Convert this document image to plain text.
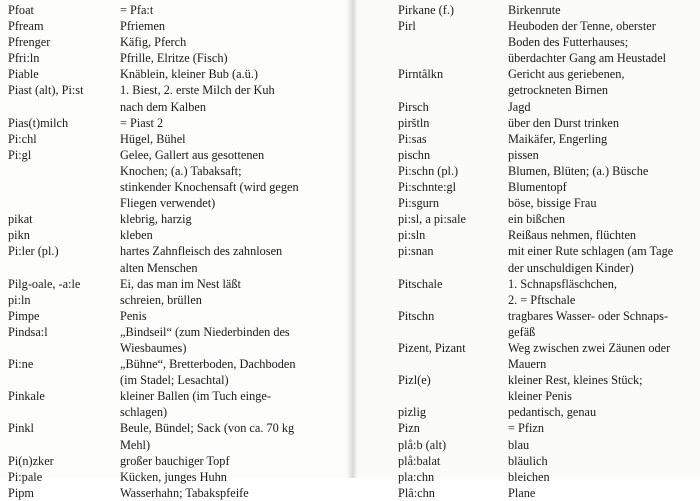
Pfoat	= Pfa:t
Pfream	Pfriemen
Pfrenger	Käfig, Pferch
Pfri:ln	Pfrille, Elritze (Fisch)
Piable	Knäblein, kleiner Bub (a.ü.)
Piast (alt), Pi:st	1. Biest, 2. erste Milch der Kuh
nach dem Kalben
Pias(t)milch	= Piast 2
Pi:chl	Hügel, Bühel
Pi:gl	Gelee, Gallert aus gesottenen
Knochen; (a.) Tabaksaft;
stinkender Knochensaft (wird gegen
Fliegen verwendet)
pikat	klebrig, harzig
pikn	kleben
Pi:ler (pl.)	hartes Zahnfleisch des zahnlosen
alten Menschen
Pilg-oale, -a:le	Ei, das man im Nest läßt
pi:ln	schreien, brüllen
Pimpe	Penis
Pindsa:l	„Bindseil“ (zum Niederbinden des
Wiesbaumes)
Pi:ne	„Bühne“, Bretterboden, Dachboden
(im Stadel; Lesachtal)
Pinkale	kleiner Ballen (im Tuch einge-
schlagen)
Pinkl	Beule, Bündel; Sack (von ca. 70 kg
Mehl)
Pi(n)zker	großer bauchiger Topf
Pi:pale	Kücken, junges Huhn
Pipm	Wasserhahn; Tabakspfeife
Pirkane (f.)	Birkenrute
Pirl	Heuboden der Tenne, oberster
Boden des Futterhauses;
überdachter Gang am Heustadel
Pirntâlkn	Gericht aus geriebenen,
getrockneten Birnen
Pirsch	Jagd
pirštln	über den Durst trinken
Pi:sas	Maikäfer, Engerling
pischn	pissen
Pi:schn (pl.)	Blumen, Blüten; (a.) Büsche
Pi:schnte:gl	Blumentopf
Pi:sgurn	böse, bissige Frau
pi:sl, a pi:sale	ein bißchen
pi:sln	Reißaus nehmen, flüchten
pi:snan	mit einer Rute schlagen (am Tage
der unschuldigen Kinder)
Pitschale	1. Schnapsfläschchen,
2. = Pftschale
Pitschn	tragbares Wasser- oder Schnaps-
gefäß
Pizent, Pizant	Weg zwischen zwei Zäunen oder
Mauern
Pizl(e)	kleiner Rest, kleines Stück;
kleiner Penis
pizlig	pedantisch, genau
Pizn	= Pfizn
plå:b (alt)	blau
plå:balat	bläulich
pla:chn	bleichen
Plâ:chn	Plane
